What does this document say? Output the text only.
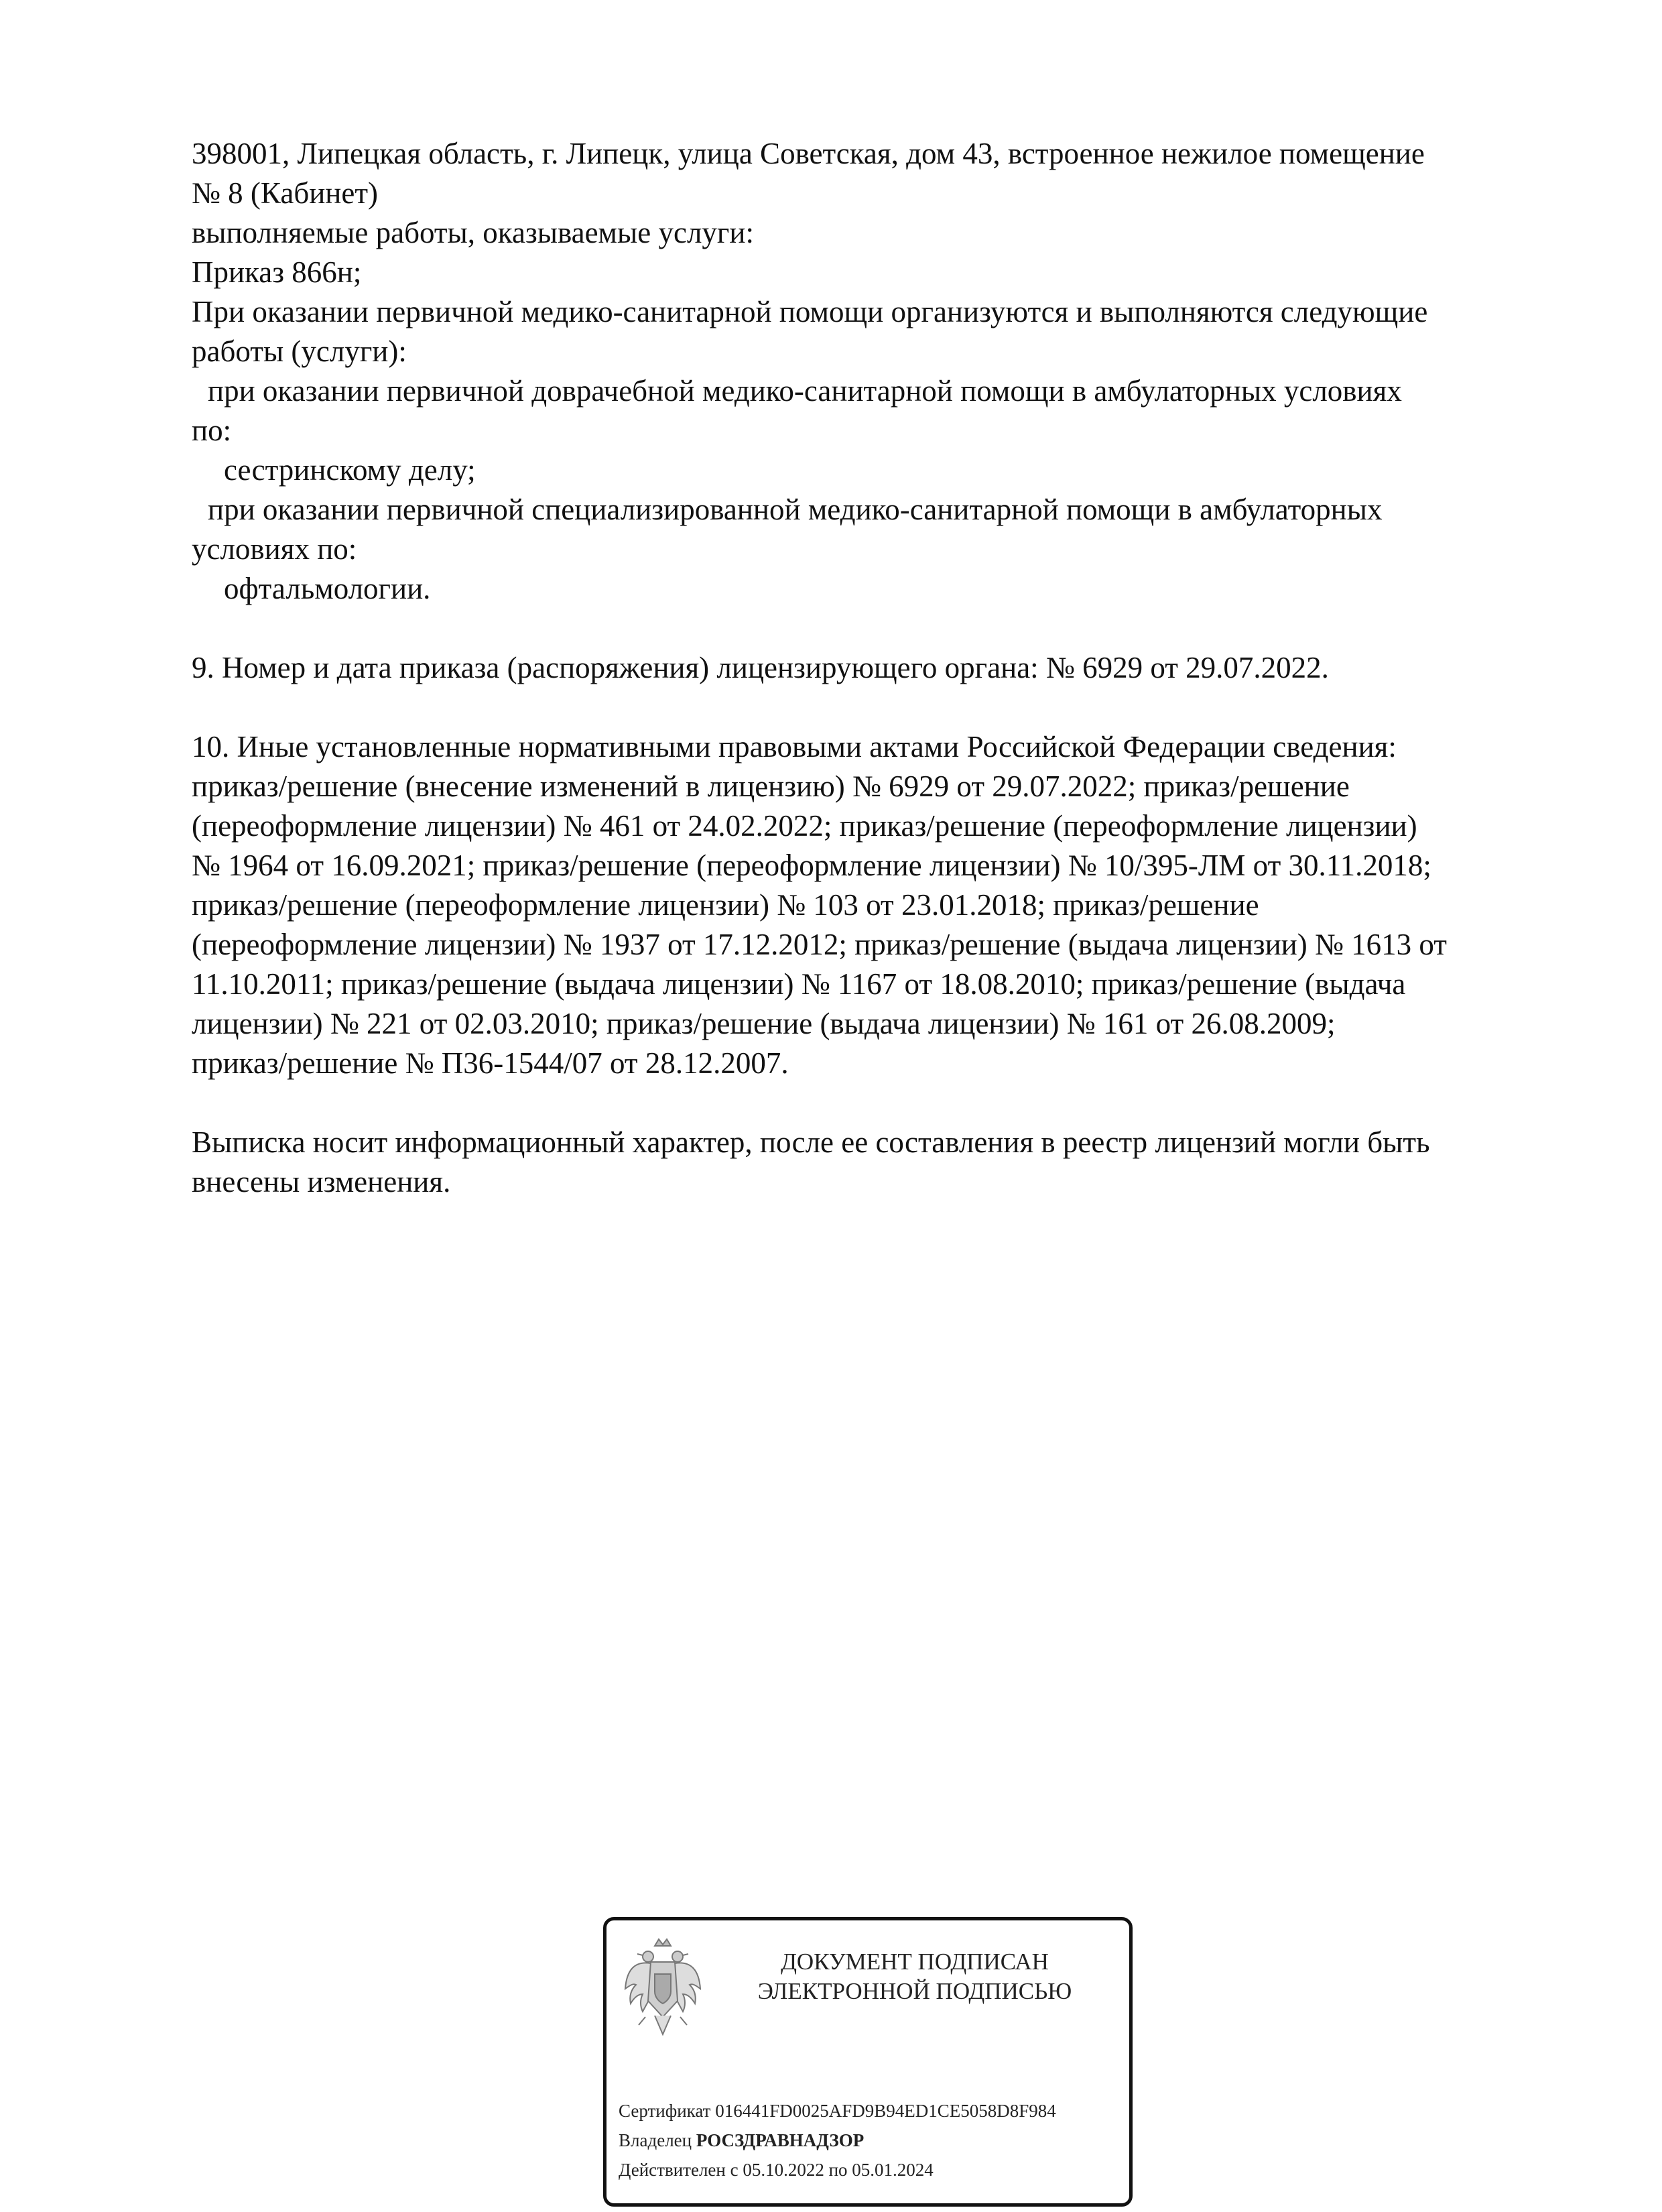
398001, Липецкая область, г. Липецк, улица Советская, дом 43, встроенное нежилое помещение
№ 8 (Кабинет)
выполняемые работы, оказываемые услуги:
Приказ 866н;
При оказании первичной медико-санитарной помощи организуются и выполняются следующие
работы (услуги):
при оказании первичной доврачебной медико-санитарной помощи в амбулаторных условиях
по:
сестринскому делу;
при оказании первичной специализированной медико-санитарной помощи в амбулаторных
условиях по:
офтальмологии.
9. Номер и дата приказа (распоряжения) лицензирующего органа: № 6929 от 29.07.2022.
10. Иные установленные нормативными правовыми актами Российской Федерации сведения:
приказ/решение (внесение изменений в лицензию) № 6929 от 29.07.2022; приказ/решение
(переоформление лицензии) № 461 от 24.02.2022; приказ/решение (переоформление лицензии)
№ 1964 от 16.09.2021; приказ/решение (переоформление лицензии) № 10/395-ЛМ от 30.11.2018;
приказ/решение (переоформление лицензии) № 103 от 23.01.2018; приказ/решение
(переоформление лицензии) № 1937 от 17.12.2012; приказ/решение (выдача лицензии) № 1613 от
11.10.2011; приказ/решение (выдача лицензии) № 1167 от 18.08.2010; приказ/решение (выдача
лицензии) № 221 от 02.03.2010; приказ/решение (выдача лицензии) № 161 от 26.08.2009;
приказ/решение № П36-1544/07 от 28.12.2007.
Выписка носит информационный характер, после ее составления в реестр лицензий могли быть
внесены изменения.
ДОКУМЕНТ ПОДПИСАН
ЭЛЕКТРОННОЙ ПОДПИСЬЮ
Сертификат 016441FD0025AFD9B94ED1CE5058D8F984
Владелец РОСЗДРАВНАДЗОР
Действителен с 05.10.2022 по 05.01.2024
